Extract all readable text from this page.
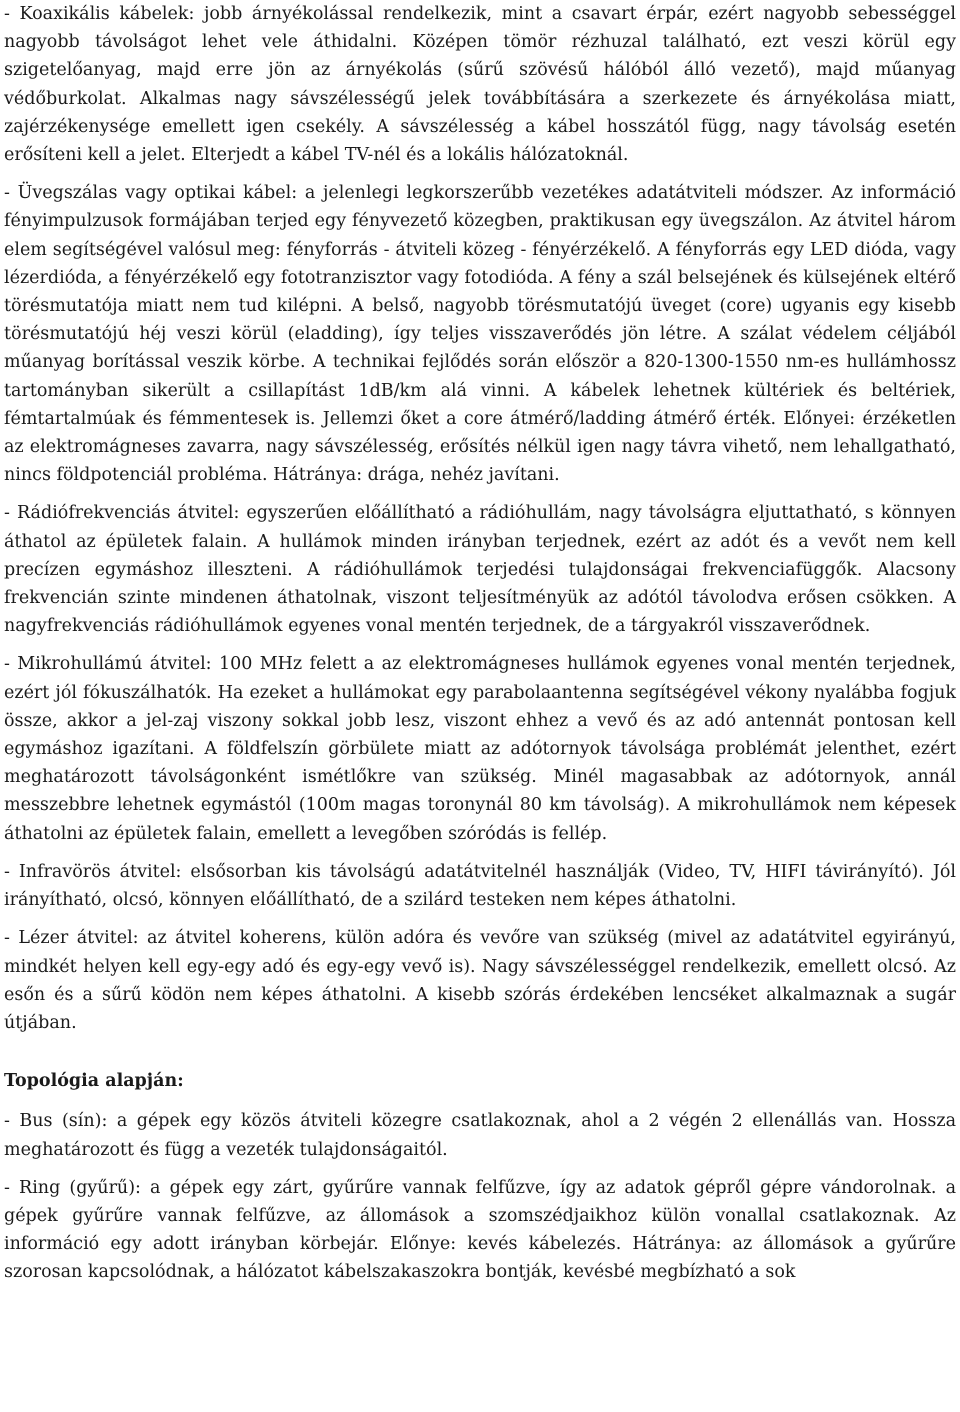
- Koaxikális kábelek: jobb árnyékolással rendelkezik, mint a csavart érpár, ezért nagyobb sebességgel nagyobb távolságot lehet vele áthidalni. Középen tömör rézhuzal található, ezt veszi körül egy szigetelőanyag, majd erre jön az árnyékolás (sűrű szövésű hálóból álló vezető), majd műanyag védőburkolat. Alkalmas nagy sávszélességű jelek továbbítására a szerkezete és árnyékolása miatt, zajérzékenysége emellett igen csekély. A sávszélesség a kábel hosszától függ, nagy távolság esetén erősíteni kell a jelet. Elterjedt a kábel TV-nél és a lokális hálózatoknál.

- Üvegszálas vagy optikai kábel: a jelenlegi legkorszerűbb vezetékes adatátviteli módszer. Az információ fényimpulzusok formájában terjed egy fényvezető közegben, praktikusan egy üvegszálon. Az átvitel három elem segítségével valósul meg: fényforrás - átviteli közeg - fényérzékelő. A fényforrás egy LED dióda, vagy lézerdióda, a fényérzékelő egy fototranzisztor vagy fotodióda. A fény a szál belsejének és külsejének eltérő törésmutatója miatt nem tud kilépni. A belső, nagyobb törésmutatójú üveget (core) ugyanis egy kisebb törésmutatójú héj veszi körül (eladding), így teljes visszaverődés jön létre. A szálat védelem céljából műanyag borítással veszik körbe. A technikai fejlődés során először a 820-1300-1550 nm-es hullámhossz tartományban sikerült a csillapítást 1dB/km alá vinni. A kábelek lehetnek kültériek és beltériek, fémtartalmúak és fémmentesek is. Jellemzi őket a core átmérő/ladding átmérő érték. Előnyei: érzéketlen az elektromágneses zavarra, nagy sávszélesség, erősítés nélkül igen nagy távra vihető, nem lehallgatható, nincs földpotenciál probléma. Hátránya: drága, nehéz javítani.

- Rádiófrekvenciás átvitel: egyszerűen előállítható a rádióhullám, nagy távolságra eljuttatható, s könnyen áthatol az épületek falain. A hullámok minden irányban terjednek, ezért az adót és a vevőt nem kell precízen egymáshoz illeszteni. A rádióhullámok terjedési tulajdonságai frekvenciafüggők. Alacsony frekvencián szinte mindenen áthatolnak, viszont teljesítményük az adótól távolodva erősen csökken. A nagyfrekvenciás rádióhullámok egyenes vonal mentén terjednek, de a tárgyakról visszaverődnek.

- Mikrohullámú átvitel: 100 MHz felett a az elektromágneses hullámok egyenes vonal mentén terjednek, ezért jól fókuszálhatók. Ha ezeket a hullámokat egy parabolaantenna segítségével vékony nyalábba fogjuk össze, akkor a jel-zaj viszony sokkal jobb lesz, viszont ehhez a vevő és az adó antennát pontosan kell egymáshoz igazítani. A földfelszín görbülete miatt az adótornyok távolsága problémát jelenthet, ezért meghatározott távolságonként ismétlőkre van szükség. Minél magasabbak az adótornyok, annál messzebbre lehetnek egymástól (100m magas toronynál 80 km távolság). A mikrohullámok nem képesek áthatolni az épületek falain, emellett a levegőben szóródás is fellép.

- Infravörös átvitel: elsősorban kis távolságú adatátvitelnél használják (Video, TV, HIFI távirányító). Jól irányítható, olcsó, könnyen előállítható, de a szilárd testeken nem képes áthatolni.

- Lézer átvitel: az átvitel koherens, külön adóra és vevőre van szükség (mivel az adatátvitel egyirányú, mindkét helyen kell egy-egy adó és egy-egy vevő is). Nagy sávszélességgel rendelkezik, emellett olcsó. Az esőn és a sűrű ködön nem képes áthatolni. A kisebb szórás érdekében lencséket alkalmaznak a sugár útjában.

Topológia alapján:

- Bus (sín): a gépek egy közös átviteli közegre csatlakoznak, ahol a 2 végén 2 ellenállás van. Hossza meghatározott és függ a vezeték tulajdonságaitól.

- Ring (gyűrű): a gépek egy zárt, gyűrűre vannak felfűzve, így az adatok gépről gépre vándorolnak. a gépek gyűrűre vannak felfűzve, az állomások a szomszédjaikhoz külön vonallal csatlakoznak. Az információ egy adott irányban körbejár. Előnye: kevés kábelezés. Hátránya: az állomások a gyűrűre szorosan kapcsolódnak, a hálózatot kábelszakaszokra bontják, kevésbé megbízható a sok
